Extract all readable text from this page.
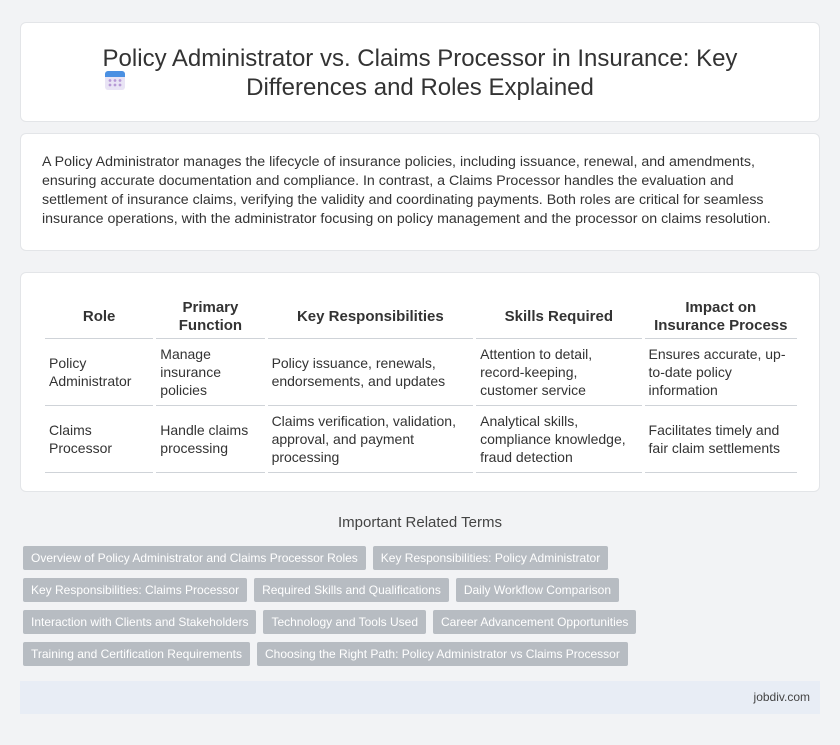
Policy Administrator vs. Claims Processor in Insurance: Key Differences and Roles Explained

A Policy Administrator manages the lifecycle of insurance policies, including issuance, renewal, and amendments, ensuring accurate documentation and compliance. In contrast, a Claims Processor handles the evaluation and settlement of insurance claims, verifying the validity and coordinating payments. Both roles are critical for seamless insurance operations, with the administrator focusing on policy management and the processor on claims resolution.

Role	Primary Function	Key Responsibilities	Skills Required	Impact on Insurance Process
Policy Administrator	Manage insurance policies	Policy issuance, renewals, endorsements, and updates	Attention to detail, record-keeping, customer service	Ensures accurate, up-to-date policy information
Claims Processor	Handle claims processing	Claims verification, validation, approval, and payment processing	Analytical skills, compliance knowledge, fraud detection	Facilitates timely and fair claim settlements
Important Related Terms
Overview of Policy Administrator and Claims Processor Roles Key Responsibilities: Policy Administrator
Key Responsibilities: Claims Processor Required Skills and Qualifications Daily Workflow Comparison
Interaction with Clients and Stakeholders Technology and Tools Used Career Advancement Opportunities
Training and Certification Requirements Choosing the Right Path: Policy Administrator vs Claims Processor
jobdiv.com
